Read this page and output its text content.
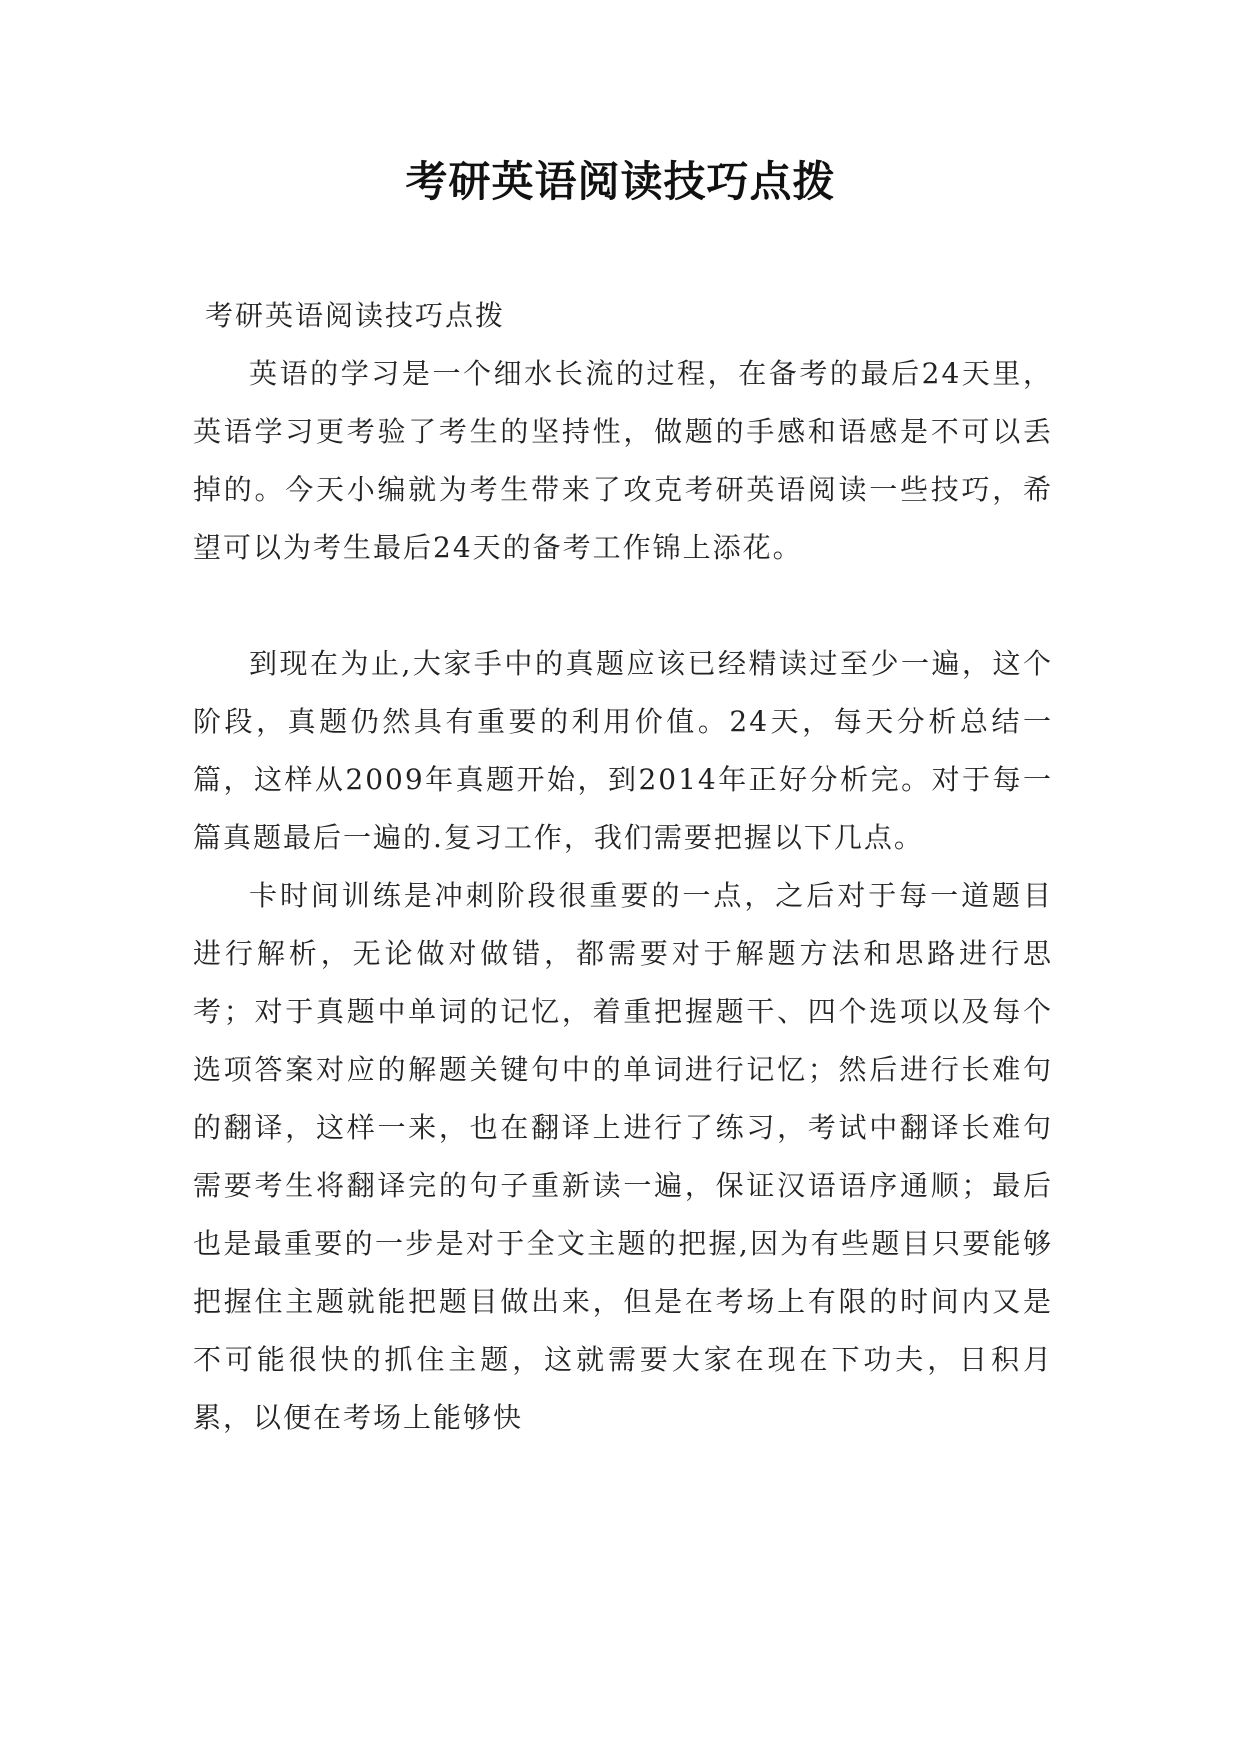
考研英语阅读技巧点拨

考研英语阅读技巧点拨

英语的学习是一个细水长流的过程，在备考的最后24天里，英语学习更考验了考生的坚持性，做题的手感和语感是不可以丢掉的。今天小编就为考生带来了攻克考研英语阅读一些技巧，希望可以为考生最后24天的备考工作锦上添花。

到现在为止,大家手中的真题应该已经精读过至少一遍，这个阶段，真题仍然具有重要的利用价值。24天，每天分析总结一篇，这样从2009年真题开始，到2014年正好分析完。对于每一篇真题最后一遍的.复习工作，我们需要把握以下几点。

卡时间训练是冲刺阶段很重要的一点，之后对于每一道题目进行解析，无论做对做错，都需要对于解题方法和思路进行思考；对于真题中单词的记忆，着重把握题干、四个选项以及每个选项答案对应的解题关键句中的单词进行记忆；然后进行长难句的翻译，这样一来，也在翻译上进行了练习，考试中翻译长难句需要考生将翻译完的句子重新读一遍，保证汉语语序通顺；最后也是最重要的一步是对于全文主题的把握,因为有些题目只要能够把握住主题就能把题目做出来，但是在考场上有限的时间内又是不可能很快的抓住主题，这就需要大家在现在下功夫，日积月累，以便在考场上能够快
